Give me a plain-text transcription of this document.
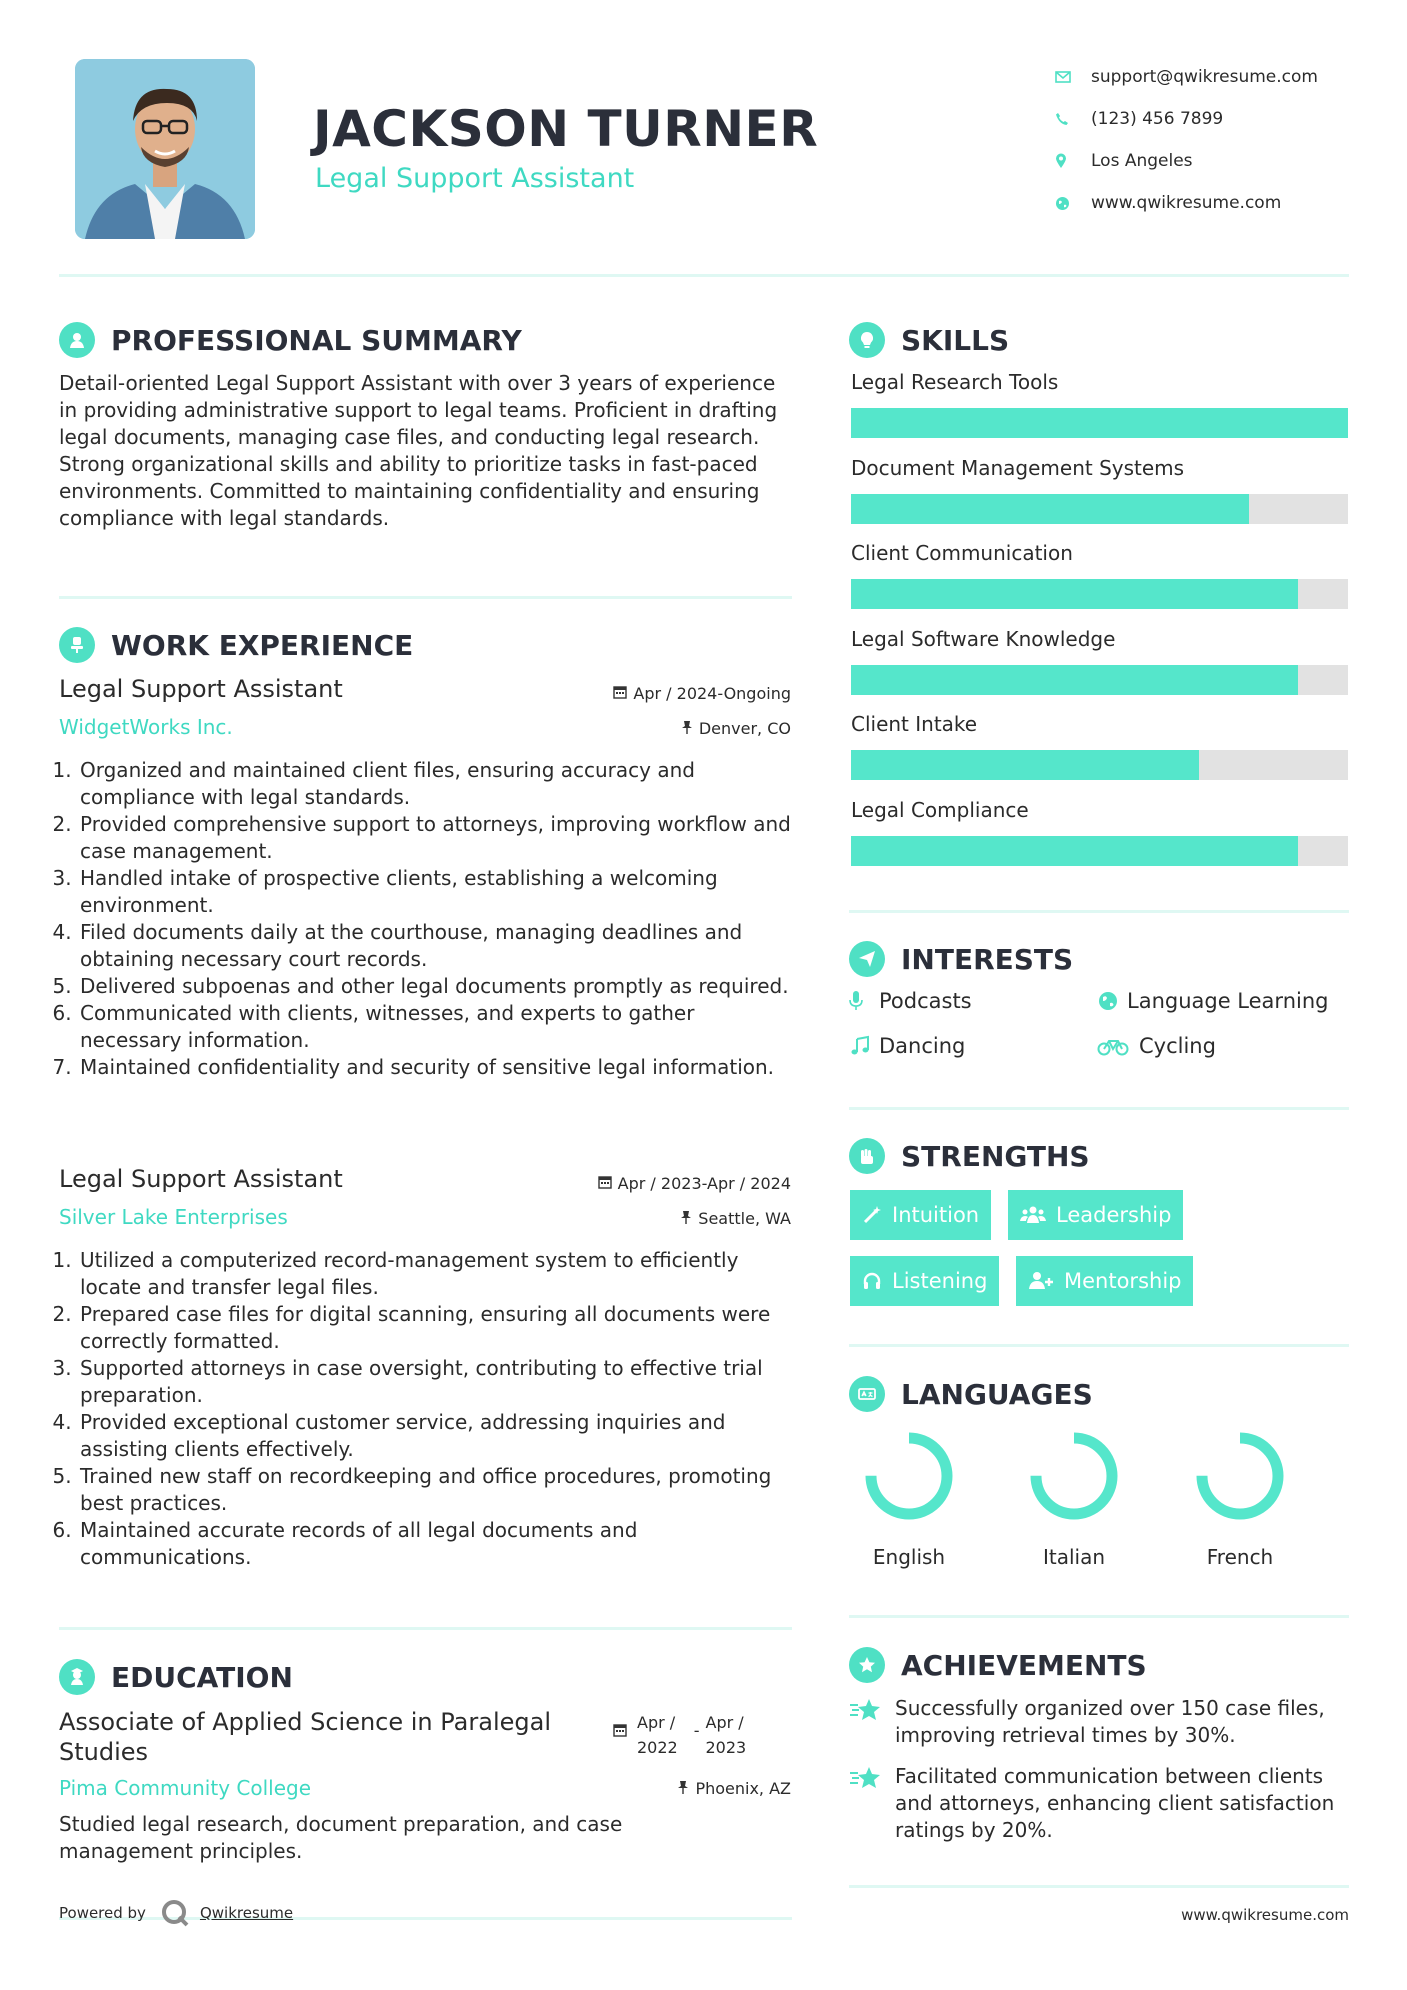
JACKSON TURNER
Legal Support Assistant
support@qwikresume.com
(123) 456 7899
Los Angeles
www.qwikresume.com
PROFESSIONAL SUMMARY
Detail-oriented Legal Support Assistant with over 3 years of experience in providing administrative support to legal teams. Proficient in drafting legal documents, managing case files, and conducting legal research. Strong organizational skills and ability to prioritize tasks in fast-paced environments. Committed to maintaining confidentiality and ensuring compliance with legal standards.
WORK EXPERIENCE
Legal Support Assistant	Apr / 2024-Ongoing
WidgetWorks Inc.	Denver, CO
1. Organized and maintained client files, ensuring accuracy and compliance with legal standards.
2. Provided comprehensive support to attorneys, improving workflow and case management.
3. Handled intake of prospective clients, establishing a welcoming environment.
4. Filed documents daily at the courthouse, managing deadlines and obtaining necessary court records.
5. Delivered subpoenas and other legal documents promptly as required.
6. Communicated with clients, witnesses, and experts to gather necessary information.
7. Maintained confidentiality and security of sensitive legal information.
Legal Support Assistant	Apr / 2023-Apr / 2024
Silver Lake Enterprises	Seattle, WA
1. Utilized a computerized record-management system to efficiently locate and transfer legal files.
2. Prepared case files for digital scanning, ensuring all documents were correctly formatted.
3. Supported attorneys in case oversight, contributing to effective trial preparation.
4. Provided exceptional customer service, addressing inquiries and assisting clients effectively.
5. Trained new staff on recordkeeping and office procedures, promoting best practices.
6. Maintained accurate records of all legal documents and communications.
EDUCATION
Associate of Applied Science in Paralegal Studies
Apr /
2022
- Apr /
2023
Pima Community College	Phoenix, AZ
Studied legal research, document preparation, and case management principles.
SKILLS
Legal Research Tools
Document Management Systems
Client Communication
Legal Software Knowledge
Client Intake
Legal Compliance
INTERESTS
Podcasts	Language Learning
Dancing	Cycling
STRENGTHS
Intuition	Leadership
Listening	Mentorship
LANGUAGES
English	Italian	French
ACHIEVEMENTS
Successfully organized over 150 case files, improving retrieval times by 30%.
Facilitated communication between clients and attorneys, enhancing client satisfaction ratings by 20%.
Powered by	Qwikresume	www.qwikresume.com
